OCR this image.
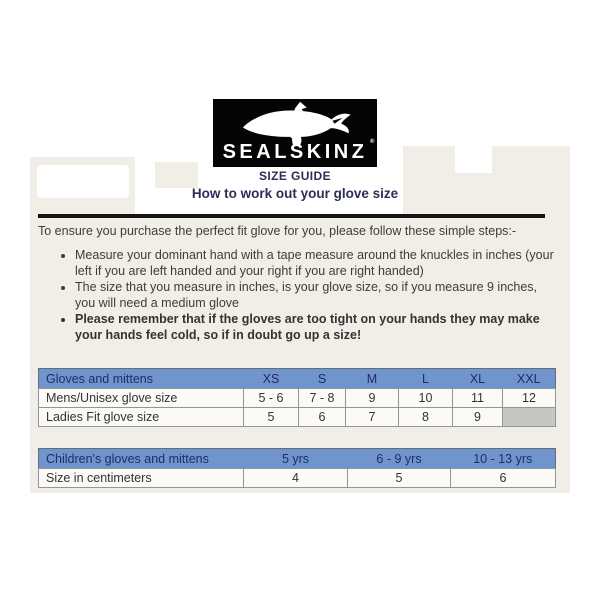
SEALSKINZ ®
SIZE GUIDE
How to work out your glove size
To ensure you purchase the perfect fit glove for you, please follow these simple steps:-
• Measure your dominant hand with a tape measure around the knuckles in inches (your left if you are left handed and your right if you are right handed)
• The size that you measure in inches, is your glove size, so if you measure 9 inches, you will need a medium glove
• Please remember that if the gloves are too tight on your hands they may make your hands feel cold, so if in doubt go up a size!
Gloves and mittens	XS	S	M	L	XL	XXL
Mens/Unisex glove size	5 - 6	7 - 8	9	10	11	12
Ladies Fit glove size	5	6	7	8	9	
Children's gloves and mittens	5 yrs	6 - 9 yrs	10 - 13 yrs
Size in centimeters	4	5	6
